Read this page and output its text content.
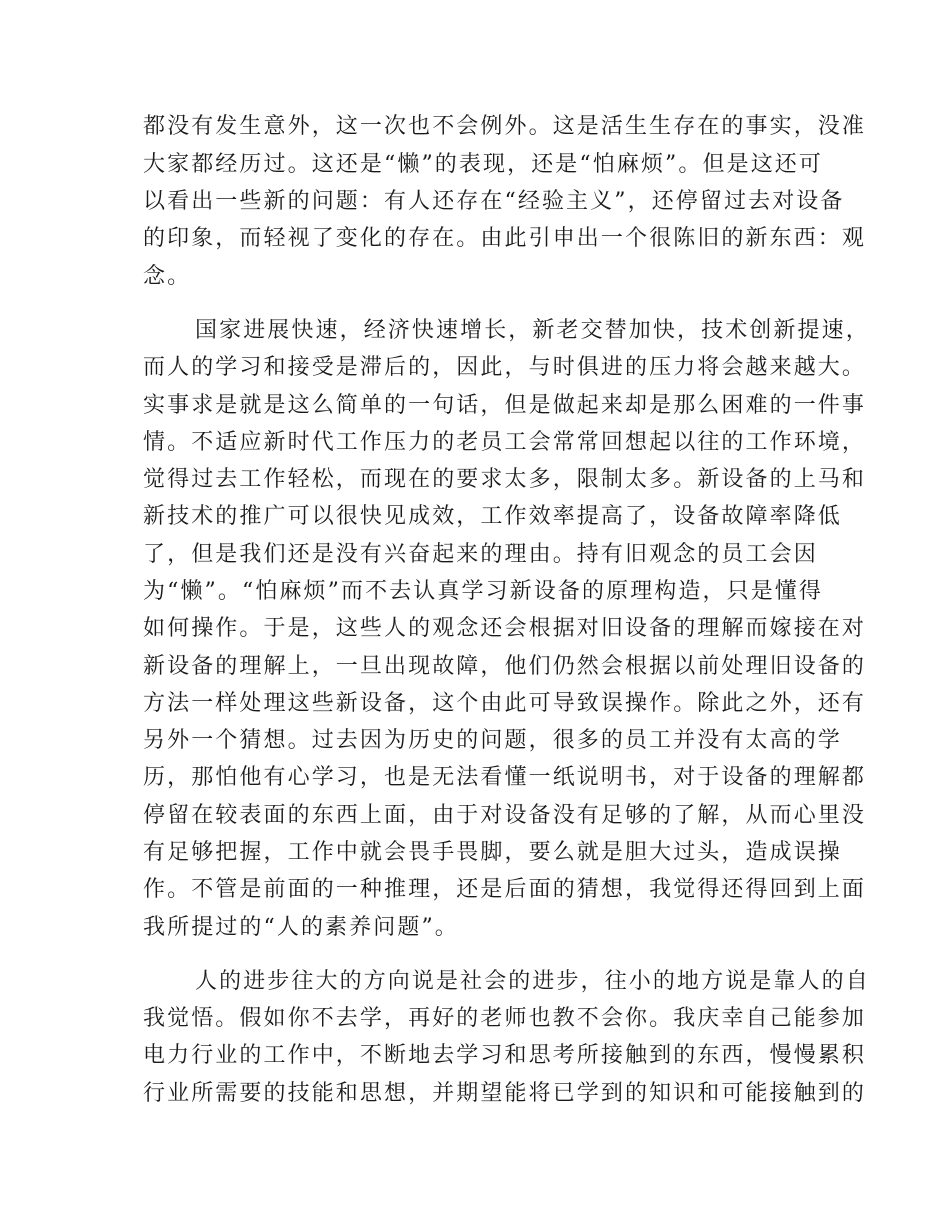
都没有发生意外，这一次也不会例外。这是活生生存在的事实，没准
大家都经历过。这还是“懒”的表现，还是“怕麻烦”。但是这还可
以看出一些新的问题：有人还存在“经验主义”，还停留过去对设备
的印象，而轻视了变化的存在。由此引申出一个很陈旧的新东西：观
念。
国家进展快速，经济快速增长，新老交替加快，技术创新提速，
而人的学习和接受是滞后的，因此，与时俱进的压力将会越来越大。
实事求是就是这么简单的一句话，但是做起来却是那么困难的一件事
情。不适应新时代工作压力的老员工会常常回想起以往的工作环境，
觉得过去工作轻松，而现在的要求太多，限制太多。新设备的上马和
新技术的推广可以很快见成效，工作效率提高了，设备故障率降低
了，但是我们还是没有兴奋起来的理由。持有旧观念的员工会因
为“懒”。“怕麻烦”而不去认真学习新设备的原理构造，只是懂得
如何操作。于是，这些人的观念还会根据对旧设备的理解而嫁接在对
新设备的理解上，一旦出现故障，他们仍然会根据以前处理旧设备的
方法一样处理这些新设备，这个由此可导致误操作。除此之外，还有
另外一个猜想。过去因为历史的问题，很多的员工并没有太高的学
历，那怕他有心学习，也是无法看懂一纸说明书，对于设备的理解都
停留在较表面的东西上面，由于对设备没有足够的了解，从而心里没
有足够把握，工作中就会畏手畏脚，要么就是胆大过头，造成误操
作。不管是前面的一种推理，还是后面的猜想，我觉得还得回到上面
我所提过的“人的素养问题”。
人的进步往大的方向说是社会的进步，往小的地方说是靠人的自
我觉悟。假如你不去学，再好的老师也教不会你。我庆幸自己能参加
电力行业的工作中，不断地去学习和思考所接触到的东西，慢慢累积
行业所需要的技能和思想，并期望能将已学到的知识和可能接触到的
